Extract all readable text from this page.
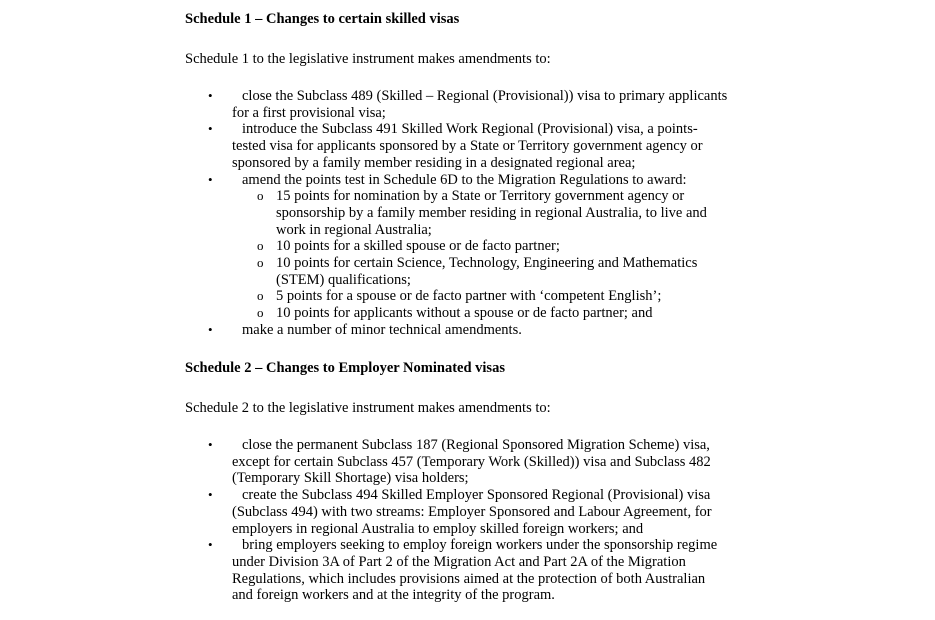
Schedule 1 – Changes to certain skilled visas
Schedule 1 to the legislative instrument makes amendments to:
•	close the Subclass 489 (Skilled – Regional (Provisional)) visa to primary applicants
for a first provisional visa;
•	introduce the Subclass 491 Skilled Work Regional (Provisional) visa, a points-
tested visa for applicants sponsored by a State or Territory government agency or
sponsored by a family member residing in a designated regional area;
•	amend the points test in Schedule 6D to the Migration Regulations to award:
o 15 points for nomination by a State or Territory government agency or
sponsorship by a family member residing in regional Australia, to live and
work in regional Australia;
o 10 points for a skilled spouse or de facto partner;
o 10 points for certain Science, Technology, Engineering and Mathematics
(STEM) qualifications;
o 5 points for a spouse or de facto partner with ‘competent English’;
o 10 points for applicants without a spouse or de facto partner; and
•	make a number of minor technical amendments.
Schedule 2 – Changes to Employer Nominated visas
Schedule 2 to the legislative instrument makes amendments to:
•	close the permanent Subclass 187 (Regional Sponsored Migration Scheme) visa,
except for certain Subclass 457 (Temporary Work (Skilled)) visa and Subclass 482
(Temporary Skill Shortage) visa holders;
•	create the Subclass 494 Skilled Employer Sponsored Regional (Provisional) visa
(Subclass 494) with two streams: Employer Sponsored and Labour Agreement, for
employers in regional Australia to employ skilled foreign workers; and
•	bring employers seeking to employ foreign workers under the sponsorship regime
under Division 3A of Part 2 of the Migration Act and Part 2A of the Migration
Regulations, which includes provisions aimed at the protection of both Australian
and foreign workers and at the integrity of the program.
